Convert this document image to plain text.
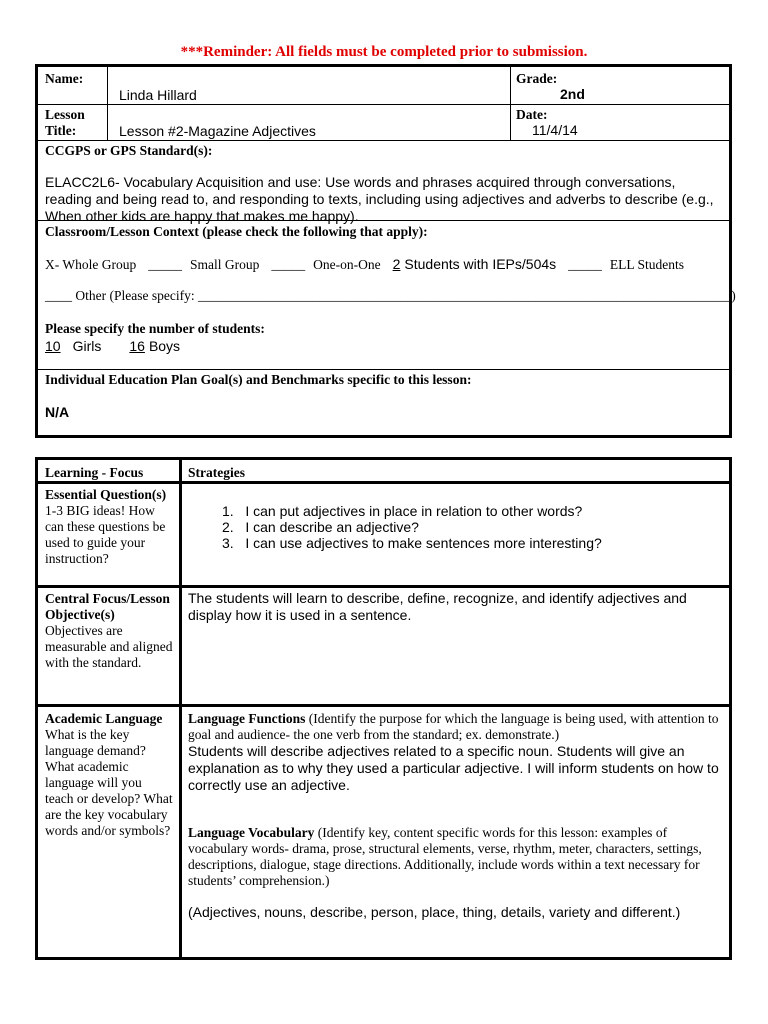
***Reminder: All fields must be completed prior to submission.
Name:
Linda Hillard
Grade:
2nd
Lesson
Title:	Lesson #2-Magazine Adjectives
Date:
11/4/14
CCGPS or GPS Standard(s):
ELACC2L6- Vocabulary Acquisition and use: Use words and phrases acquired through conversations, reading and being read to, and responding to texts, including using adjectives and adverbs to describe (e.g., When other kids are happy that makes me happy).
Classroom/Lesson Context (please check the following that apply):
X- Whole Group _____ Small Group _____ One-on-One 2 Students with IEPs/504s _____ ELL Students
____ Other (Please specify: _______________________________________________________________________________)
Please specify the number of students:
10 Girls 16 Boys
Individual Education Plan Goal(s) and Benchmarks specific to this lesson:
N/A
Learning - Focus	Strategies
Essential Question(s)
1-3 BIG ideas! How can these questions be used to guide your instruction?
1. I can put adjectives in place in relation to other words?
2. I can describe an adjective?
3. I can use adjectives to make sentences more interesting?
Central Focus/Lesson Objective(s)
Objectives are measurable and aligned with the standard.
The students will learn to describe, define, recognize, and identify adjectives and display how it is used in a sentence.
Academic Language
What is the key language demand? What academic language will you teach or develop? What are the key vocabulary words and/or symbols?
Language Functions (Identify the purpose for which the language is being used, with attention to goal and audience- the one verb from the standard; ex. demonstrate.)
Students will describe adjectives related to a specific noun. Students will give an explanation as to why they used a particular adjective. I will inform students on how to correctly use an adjective.
Language Vocabulary (Identify key, content specific words for this lesson: examples of vocabulary words- drama, prose, structural elements, verse, rhythm, meter, characters, settings, descriptions, dialogue, stage directions. Additionally, include words within a text necessary for students’ comprehension.)
(Adjectives, nouns, describe, person, place, thing, details, variety and different.)
